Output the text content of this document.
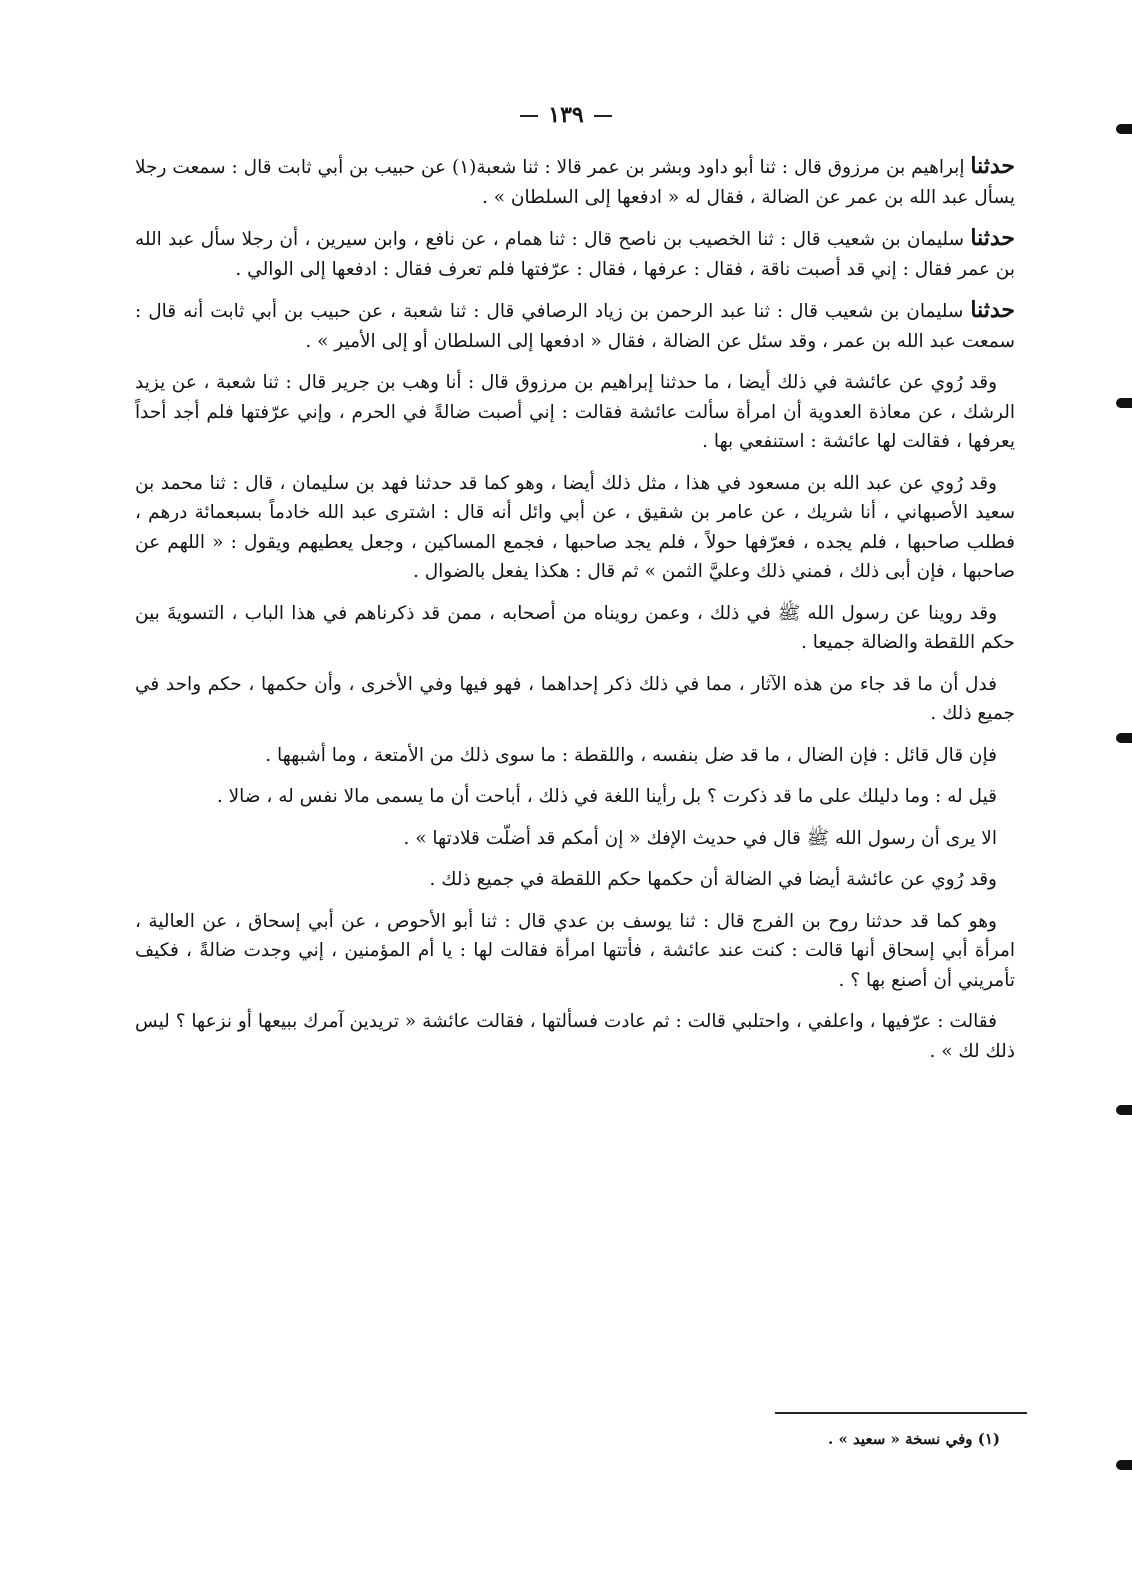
١٣٩

حدثنا إبراهيم بن مرزوق قال : ثنا أبو داود وبشر بن عمر قالا : ثنا شعبة(١) عن حبيب بن أبي ثابت قال : سمعت رجلا يسأل عبد الله بن عمر عن الضالة ، فقال له « ادفعها إلى السلطان » .

حدثنا سليمان بن شعيب قال : ثنا الخصيب بن ناصح قال : ثنا همام ، عن نافع ، وابن سيرين ، أن رجلا سأل عبد الله بن عمر فقال : إني قد أصبت ناقة ، فقال : عرفها ، فقال : عرّفتها فلم تعرف فقال : ادفعها إلى الوالي .

حدثنا سليمان بن شعيب قال : ثنا عبد الرحمن بن زياد الرصافي قال : ثنا شعبة ، عن حبيب بن أبي ثابت أنه قال : سمعت عبد الله بن عمر ، وقد سئل عن الضالة ، فقال « ادفعها إلى السلطان أو إلى الأمير » .

وقد رُوي عن عائشة في ذلك أيضا ، ما حدثنا إبراهيم بن مرزوق قال : أنا وهب بن جرير قال : ثنا شعبة ، عن يزيد الرشك ، عن معاذة العدوية أن امرأة سألت عائشة فقالت : إني أصبت ضالةً في الحرم ، وإني عرّفتها فلم أجد أحداً يعرفها ، فقالت لها عائشة : استنفعي بها .

وقد رُوي عن عبد الله بن مسعود في هذا ، مثل ذلك أيضا ، وهو كما قد حدثنا فهد بن سليمان ، قال : ثنا محمد بن سعيد الأصبهاني ، أنا شريك ، عن عامر بن شقيق ، عن أبي وائل أنه قال : اشترى عبد الله خادماً بسبعمائة درهم ، فطلب صاحبها ، فلم يجده ، فعرّفها حولاً ، فلم يجد صاحبها ، فجمع المساكين ، وجعل يعطيهم ويقول : « اللهم عن صاحبها ، فإن أبى ذلك ، فمني ذلك وعليَّ الثمن » ثم قال : هكذا يفعل بالضوال .

وقد روينا عن رسول الله ﷺ في ذلك ، وعمن رويناه من أصحابه ، ممن قد ذكرناهم في هذا الباب ، التسويةَ بين حكم اللقطة والضالة جميعا .

فدل أن ما قد جاء من هذه الآثار ، مما في ذلك ذكر إحداهما ، فهو فيها وفي الأخرى ، وأن حكمها ، حكم واحد في جميع ذلك .

فإن قال قائل : فإن الضال ، ما قد ضل بنفسه ، واللقطة : ما سوى ذلك من الأمتعة ، وما أشبهها .

قيل له : وما دليلك على ما قد ذكرت ؟ بل رأينا اللغة في ذلك ، أباحت أن ما يسمى مالا نفس له ، ضالا .

الا يرى أن رسول الله ﷺ قال في حديث الإفك « إن أمكم قد أضلّت قلادتها » .

وقد رُوي عن عائشة أيضا في الضالة أن حكمها حكم اللقطة في جميع ذلك .

وهو كما قد حدثنا روح بن الفرج قال : ثنا يوسف بن عدي قال : ثنا أبو الأحوص ، عن أبي إسحاق ، عن العالية ، امرأة أبي إسحاق أنها قالت : كنت عند عائشة ، فأتتها امرأة فقالت لها : يا أم المؤمنين ، إني وجدت ضالةً ، فكيف تأمريني أن أصنع بها ؟ .

فقالت : عرّفيها ، واعلفي ، واحتلبي قالت : ثم عادت فسألتها ، فقالت عائشة « تريدين آمرك ببيعها أو نزعها ؟ ليس ذلك لك » .

(١) وفي نسخة « سعيد » .
